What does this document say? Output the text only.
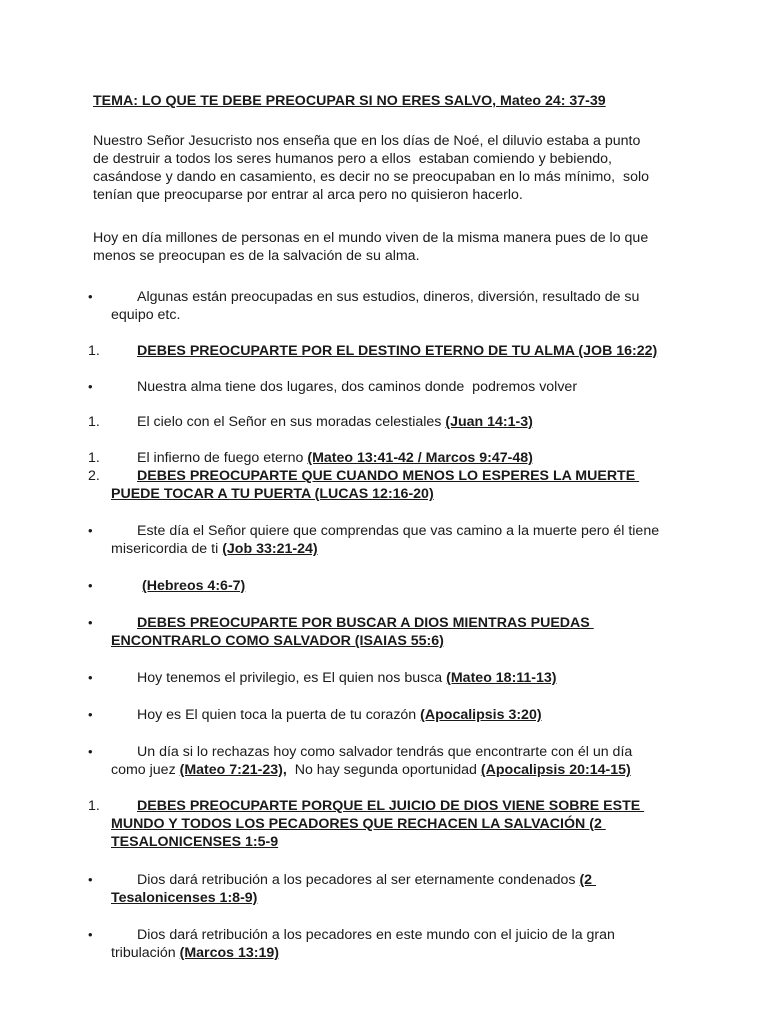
TEMA: LO QUE TE DEBE PREOCUPAR SI NO ERES SALVO, Mateo 24: 37-39
Nuestro Señor Jesucristo nos enseña que en los días de Noé, el diluvio estaba a punto
de destruir a todos los seres humanos pero a ellos  estaban comiendo y bebiendo,
casándose y dando en casamiento, es decir no se preocupaban en lo más mínimo,  solo
tenían que preocuparse por entrar al arca pero no quisieron hacerlo.
Hoy en día millones de personas en el mundo viven de la misma manera pues de lo que
menos se preocupan es de la salvación de su alma.
•	Algunas están preocupadas en sus estudios, dineros, diversión, resultado de su
equipo etc.
1.	DEBES PREOCUPARTE POR EL DESTINO ETERNO DE TU ALMA (JOB 16:22)
•	Nuestra alma tiene dos lugares, dos caminos donde  podremos volver
1.	El cielo con el Señor en sus moradas celestiales (Juan 14:1-3)
1.	El infierno de fuego eterno (Mateo 13:41-42 / Marcos 9:47-48)
2.	DEBES PREOCUPARTE QUE CUANDO MENOS LO ESPERES LA MUERTE
PUEDE TOCAR A TU PUERTA (LUCAS 12:16-20)
•	Este día el Señor quiere que comprendas que vas camino a la muerte pero él tiene
misericordia de ti (Job 33:21-24)
•	(Hebreos 4:6-7)
•	DEBES PREOCUPARTE POR BUSCAR A DIOS MIENTRAS PUEDAS
ENCONTRARLO COMO SALVADOR (ISAIAS 55:6)
•	Hoy tenemos el privilegio, es El quien nos busca (Mateo 18:11-13)
•	Hoy es El quien toca la puerta de tu corazón (Apocalipsis 3:20)
•	Un día si lo rechazas hoy como salvador tendrás que encontrarte con él un día
como juez (Mateo 7:21-23),  No hay segunda oportunidad (Apocalipsis 20:14-15)
1.	DEBES PREOCUPARTE PORQUE EL JUICIO DE DIOS VIENE SOBRE ESTE
MUNDO Y TODOS LOS PECADORES QUE RECHACEN LA SALVACIÓN (2
TESALONICENSES 1:5-9
•	Dios dará retribución a los pecadores al ser eternamente condenados (2
Tesalonicenses 1:8-9)
•	Dios dará retribución a los pecadores en este mundo con el juicio de la gran
tribulación (Marcos 13:19)
